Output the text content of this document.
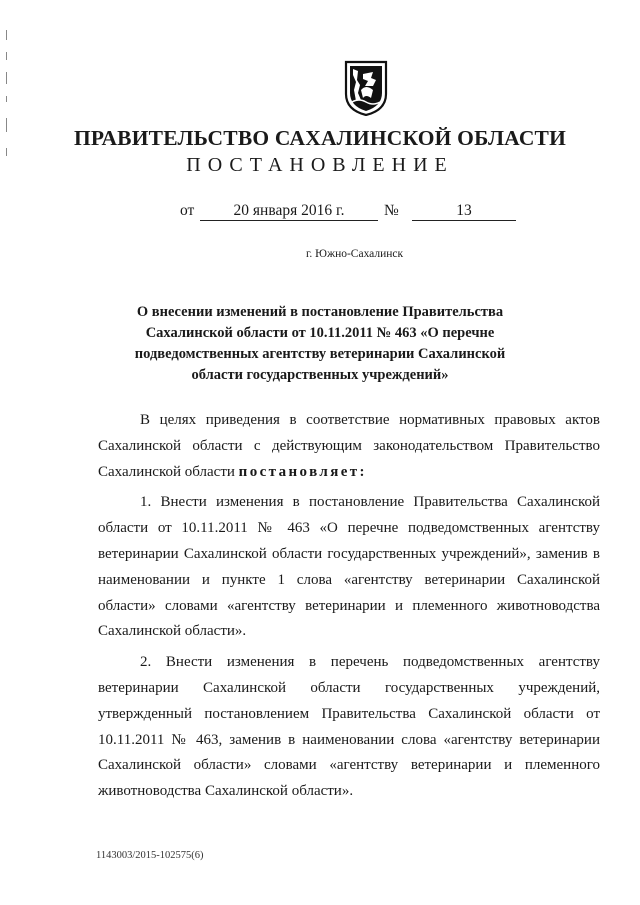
ПРАВИТЕЛЬСТВО САХАЛИНСКОЙ ОБЛАСТИ
ПОСТАНОВЛЕНИЕ
от	20 января 2016 г.	№	13
г. Южно-Сахалинск
О внесении изменений в постановление Правительства
Сахалинской области от 10.11.2011 № 463 «О перечне
подведомственных агентству ветеринарии Сахалинской
области государственных учреждений»

В целях приведения в соответствие нормативных правовых актов Сахалинской области с действующим законодательством Правительство Сахалинской области постановляет:

1. Внести изменения в постановление Правительства Сахалинской области от 10.11.2011 № 463 «О перечне подведомственных агентству ветеринарии Сахалинской области государственных учреждений», заменив в наименовании и пункте 1 слова «агентству ветеринарии Сахалинской области» словами «агентству ветеринарии и племенного животноводства Сахалинской области».

2. Внести изменения в перечень подведомственных агентству ветеринарии Сахалинской области государственных учреждений, утвержденный постановлением Правительства Сахалинской области от 10.11.2011 № 463, заменив в наименовании слова «агентству ветеринарии Сахалинской области» словами «агентству ветеринарии и племенного животноводства Сахалинской области».

1143003/2015-102575(6)
